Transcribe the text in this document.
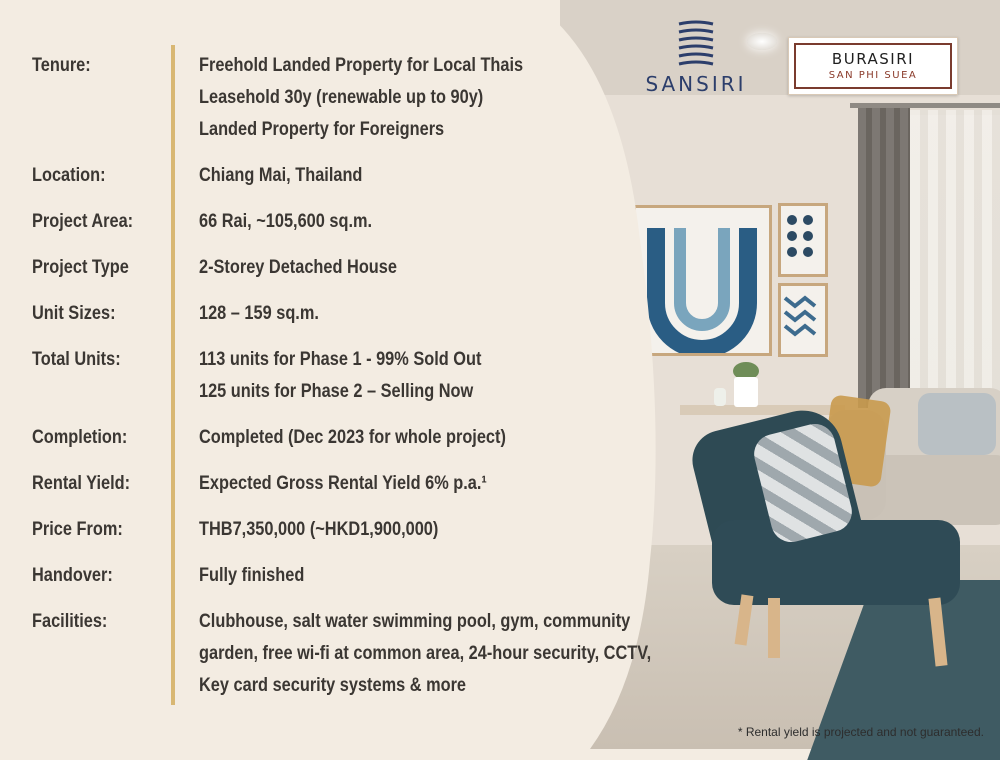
SANSIRI
BURASIRI
SAN PHI SUEA
Tenure:	Freehold Landed Property for Local Thais
Leasehold 30y (renewable up to 90y)
Landed Property for Foreigners
Location:	Chiang Mai, Thailand
Project Area:	66 Rai, ~105,600 sq.m.
Project Type	2-Storey Detached House
Unit Sizes:	128 – 159 sq.m.
Total Units:	113 units for Phase 1 - 99% Sold Out
125 units for Phase 2 – Selling Now
Completion:	Completed (Dec 2023 for whole project)
Rental Yield:	Expected Gross Rental Yield 6% p.a.¹
Price From:	THB7,350,000 (~HKD1,900,000)
Handover:	Fully finished
Facilities:	Clubhouse, salt water swimming pool, gym, community
garden, free wi-fi at common area, 24-hour security, CCTV,
Key card security systems & more
* Rental yield is projected and not guaranteed.
